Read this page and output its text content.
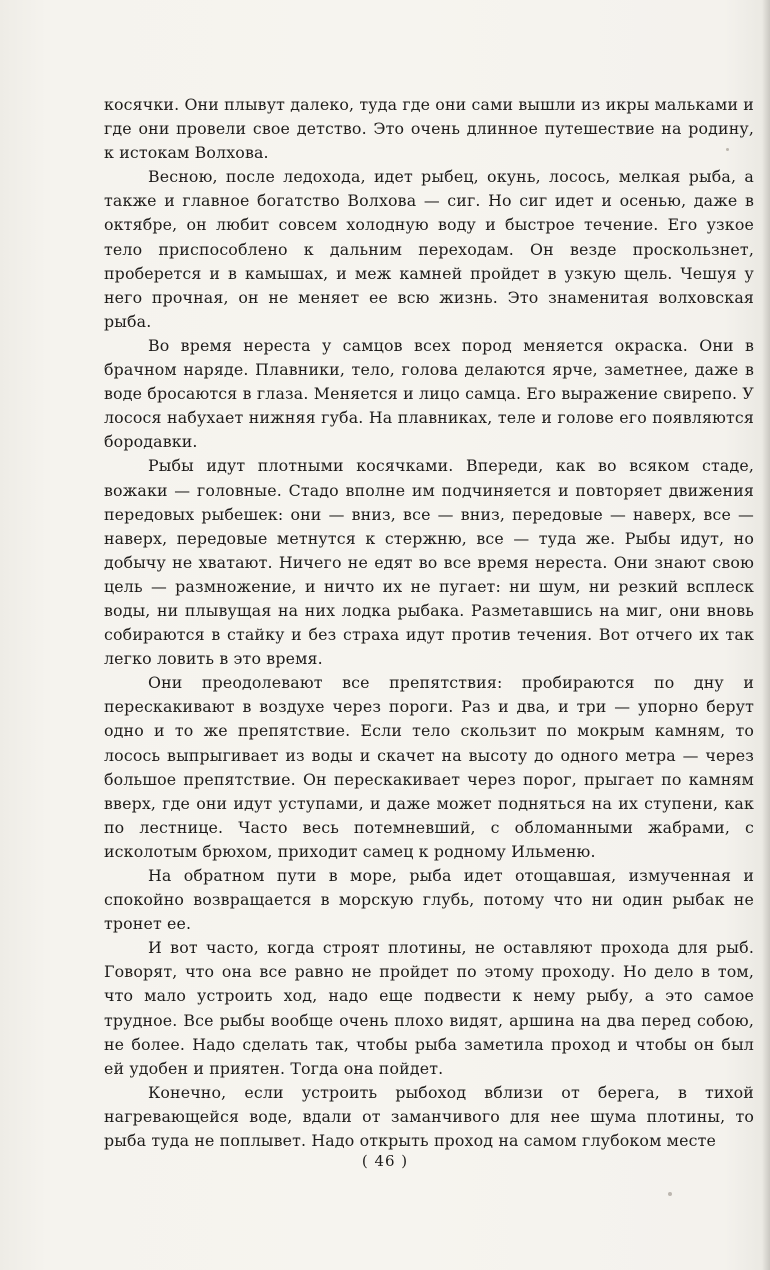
косячки. Они плывут далеко, туда где они сами вышли из икры мальками и где они провели свое детство. Это очень длинное путешествие на родину, к истокам Волхова.

Весною, после ледохода, идет рыбец, окунь, лосось, мелкая рыба, а также и главное богатство Волхова — сиг. Но сиг идет и осенью, даже в октябре, он любит совсем холодную воду и быстрое течение. Его узкое тело приспособлено к дальним переходам. Он везде проскользнет, проберется и в камышах, и меж камней пройдет в узкую щель. Чешуя у него прочная, он не меняет ее всю жизнь. Это знаменитая волховская рыба.

Во время нереста у самцов всех пород меняется окраска. Они в брачном наряде. Плавники, тело, голова делаются ярче, заметнее, даже в воде бросаются в глаза. Меняется и лицо самца. Его выражение свирепо. У лосося набухает нижняя губа. На плавниках, теле и голове его появляются бородавки.

Рыбы идут плотными косячками. Впереди, как во всяком стаде, вожаки — головные. Стадо вполне им подчиняется и повторяет движения передовых рыбешек: они — вниз, все — вниз, передовые — наверх, все — наверх, передовые метнутся к стержню, все — туда же. Рыбы идут, но добычу не хватают. Ничего не едят во все время нереста. Они знают свою цель — размножение, и ничто их не пугает: ни шум, ни резкий всплеск воды, ни плывущая на них лодка рыбака. Разметавшись на миг, они вновь собираются в стайку и без страха идут против течения. Вот отчего их так легко ловить в это время.

Они преодолевают все препятствия: пробираются по дну и перескакивают в воздухе через пороги. Раз и два, и три — упорно берут одно и то же препятствие. Если тело скользит по мокрым камням, то лосось выпрыгивает из воды и скачет на высоту до одного метра — через большое препятствие. Он перескакивает через порог, прыгает по камням вверх, где они идут уступами, и даже может подняться на их ступени, как по лестнице. Часто весь потемневший, с обломанными жабрами, с исколотым брюхом, приходит самец к родному Ильменю.

На обратном пути в море, рыба идет отощавшая, измученная и спокойно возвращается в морскую глубь, потому что ни один рыбак не тронет ее.

И вот часто, когда строят плотины, не оставляют прохода для рыб. Говорят, что она все равно не пройдет по этому проходу. Но дело в том, что мало устроить ход, надо еще подвести к нему рыбу, а это самое трудное. Все рыбы вообще очень плохо видят, аршина на два перед собою, не более. Надо сделать так, чтобы рыба заметила проход и чтобы он был ей удобен и приятен. Тогда она пойдет.

Конечно, если устроить рыбоход вблизи от берега, в тихой нагревающейся воде, вдали от заманчивого для нее шума плотины, то рыба туда не поплывет. Надо открыть проход на самом глубоком месте

( 46 )
